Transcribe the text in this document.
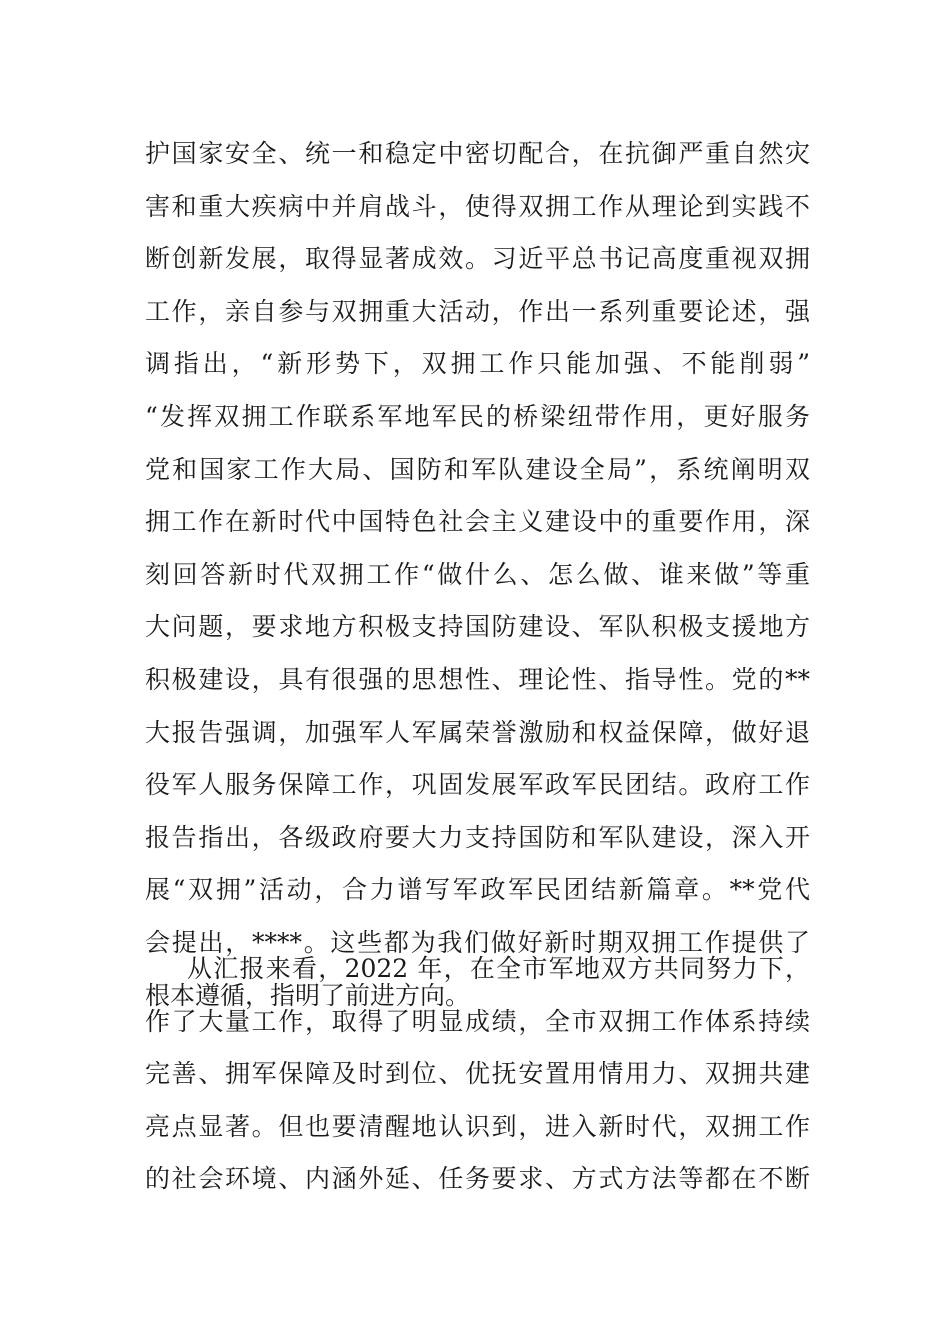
护国家安全、统一和稳定中密切配合，在抗御严重自然灾
害和重大疾病中并肩战斗，使得双拥工作从理论到实践不
断创新发展，取得显著成效。习近平总书记高度重视双拥
工作，亲自参与双拥重大活动，作出一系列重要论述，强
调指出，“新形势下，双拥工作只能加强、不能削弱”
“发挥双拥工作联系军地军民的桥梁纽带作用，更好服务
党和国家工作大局、国防和军队建设全局”，系统阐明双
拥工作在新时代中国特色社会主义建设中的重要作用，深
刻回答新时代双拥工作“做什么、怎么做、谁来做”等重
大问题，要求地方积极支持国防建设、军队积极支援地方
积极建设，具有很强的思想性、理论性、指导性。党的**
大报告强调，加强军人军属荣誉激励和权益保障，做好退
役军人服务保障工作，巩固发展军政军民团结。政府工作
报告指出，各级政府要大力支持国防和军队建设，深入开
展“双拥”活动，合力谱写军政军民团结新篇章。**党代
会提出，****。这些都为我们做好新时期双拥工作提供了
根本遵循，指明了前进方向。
从汇报来看，2022 年，在全市军地双方共同努力下，
作了大量工作，取得了明显成绩，全市双拥工作体系持续
完善、拥军保障及时到位、优抚安置用情用力、双拥共建
亮点显著。但也要清醒地认识到，进入新时代，双拥工作
的社会环境、内涵外延、任务要求、方式方法等都在不断
